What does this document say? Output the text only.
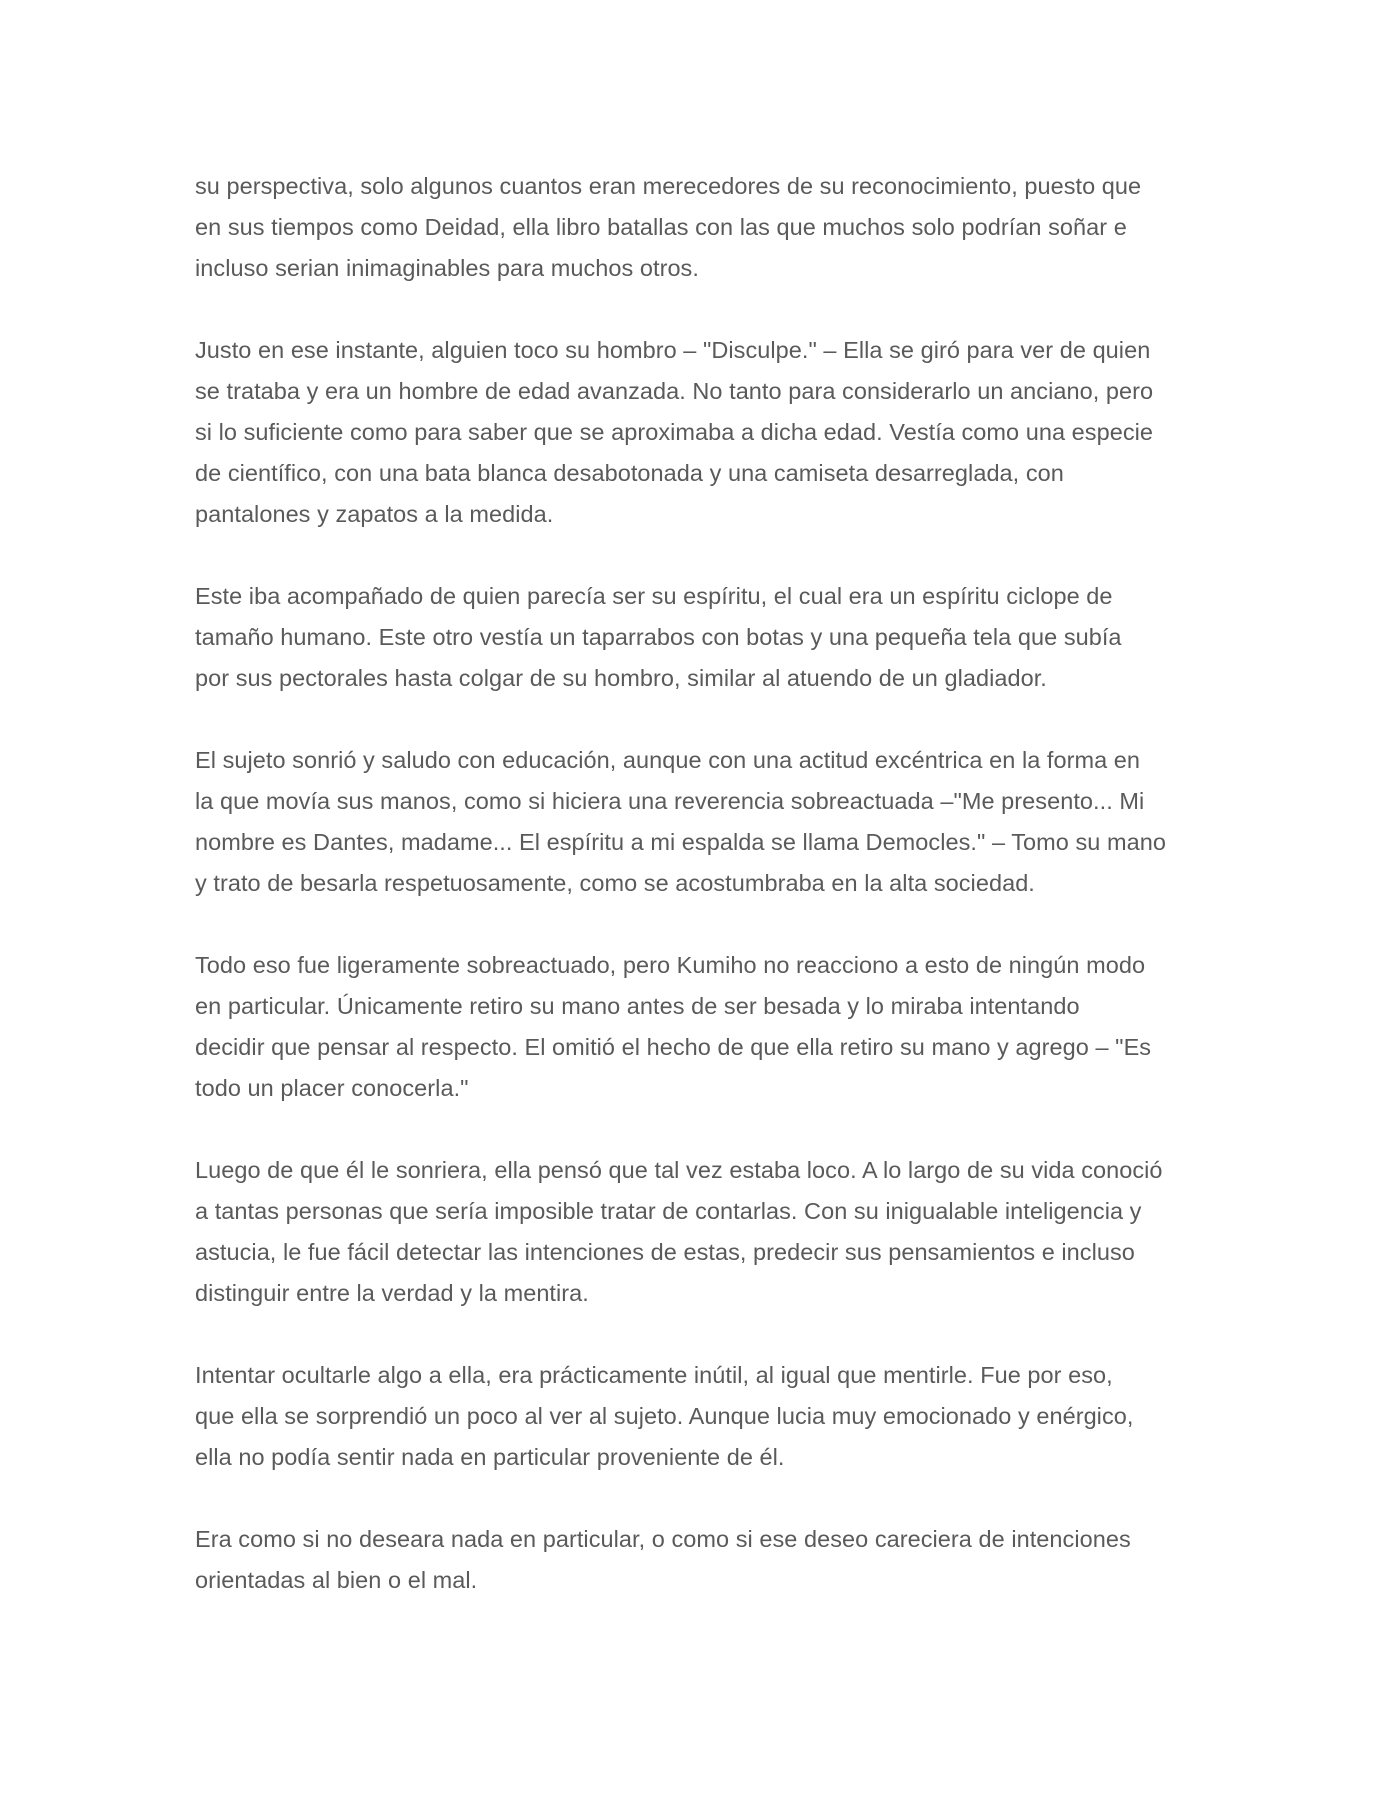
su perspectiva, solo algunos cuantos eran merecedores de su reconocimiento, puesto que
en sus tiempos como Deidad, ella libro batallas con las que muchos solo podrían soñar e
incluso serian inimaginables para muchos otros.

Justo en ese instante, alguien toco su hombro – "Disculpe." – Ella se giró para ver de quien
se trataba y era un hombre de edad avanzada. No tanto para considerarlo un anciano, pero
si lo suficiente como para saber que se aproximaba a dicha edad. Vestía como una especie
de científico, con una bata blanca desabotonada y una camiseta desarreglada, con
pantalones y zapatos a la medida.

Este iba acompañado de quien parecía ser su espíritu, el cual era un espíritu ciclope de
tamaño humano. Este otro vestía un taparrabos con botas y una pequeña tela que subía
por sus pectorales hasta colgar de su hombro, similar al atuendo de un gladiador.

El sujeto sonrió y saludo con educación, aunque con una actitud excéntrica en la forma en
la que movía sus manos, como si hiciera una reverencia sobreactuada –"Me presento... Mi
nombre es Dantes, madame... El espíritu a mi espalda se llama Democles." – Tomo su mano
y trato de besarla respetuosamente, como se acostumbraba en la alta sociedad.

Todo eso fue ligeramente sobreactuado, pero Kumiho no reacciono a esto de ningún modo
en particular. Únicamente retiro su mano antes de ser besada y lo miraba intentando
decidir que pensar al respecto. El omitió el hecho de que ella retiro su mano y agrego – "Es
todo un placer conocerla."

Luego de que él le sonriera, ella pensó que tal vez estaba loco. A lo largo de su vida conoció
a tantas personas que sería imposible tratar de contarlas. Con su inigualable inteligencia y
astucia, le fue fácil detectar las intenciones de estas, predecir sus pensamientos e incluso
distinguir entre la verdad y la mentira.

Intentar ocultarle algo a ella, era prácticamente inútil, al igual que mentirle. Fue por eso,
que ella se sorprendió un poco al ver al sujeto. Aunque lucia muy emocionado y enérgico,
ella no podía sentir nada en particular proveniente de él.

Era como si no deseara nada en particular, o como si ese deseo careciera de intenciones
orientadas al bien o el mal.
